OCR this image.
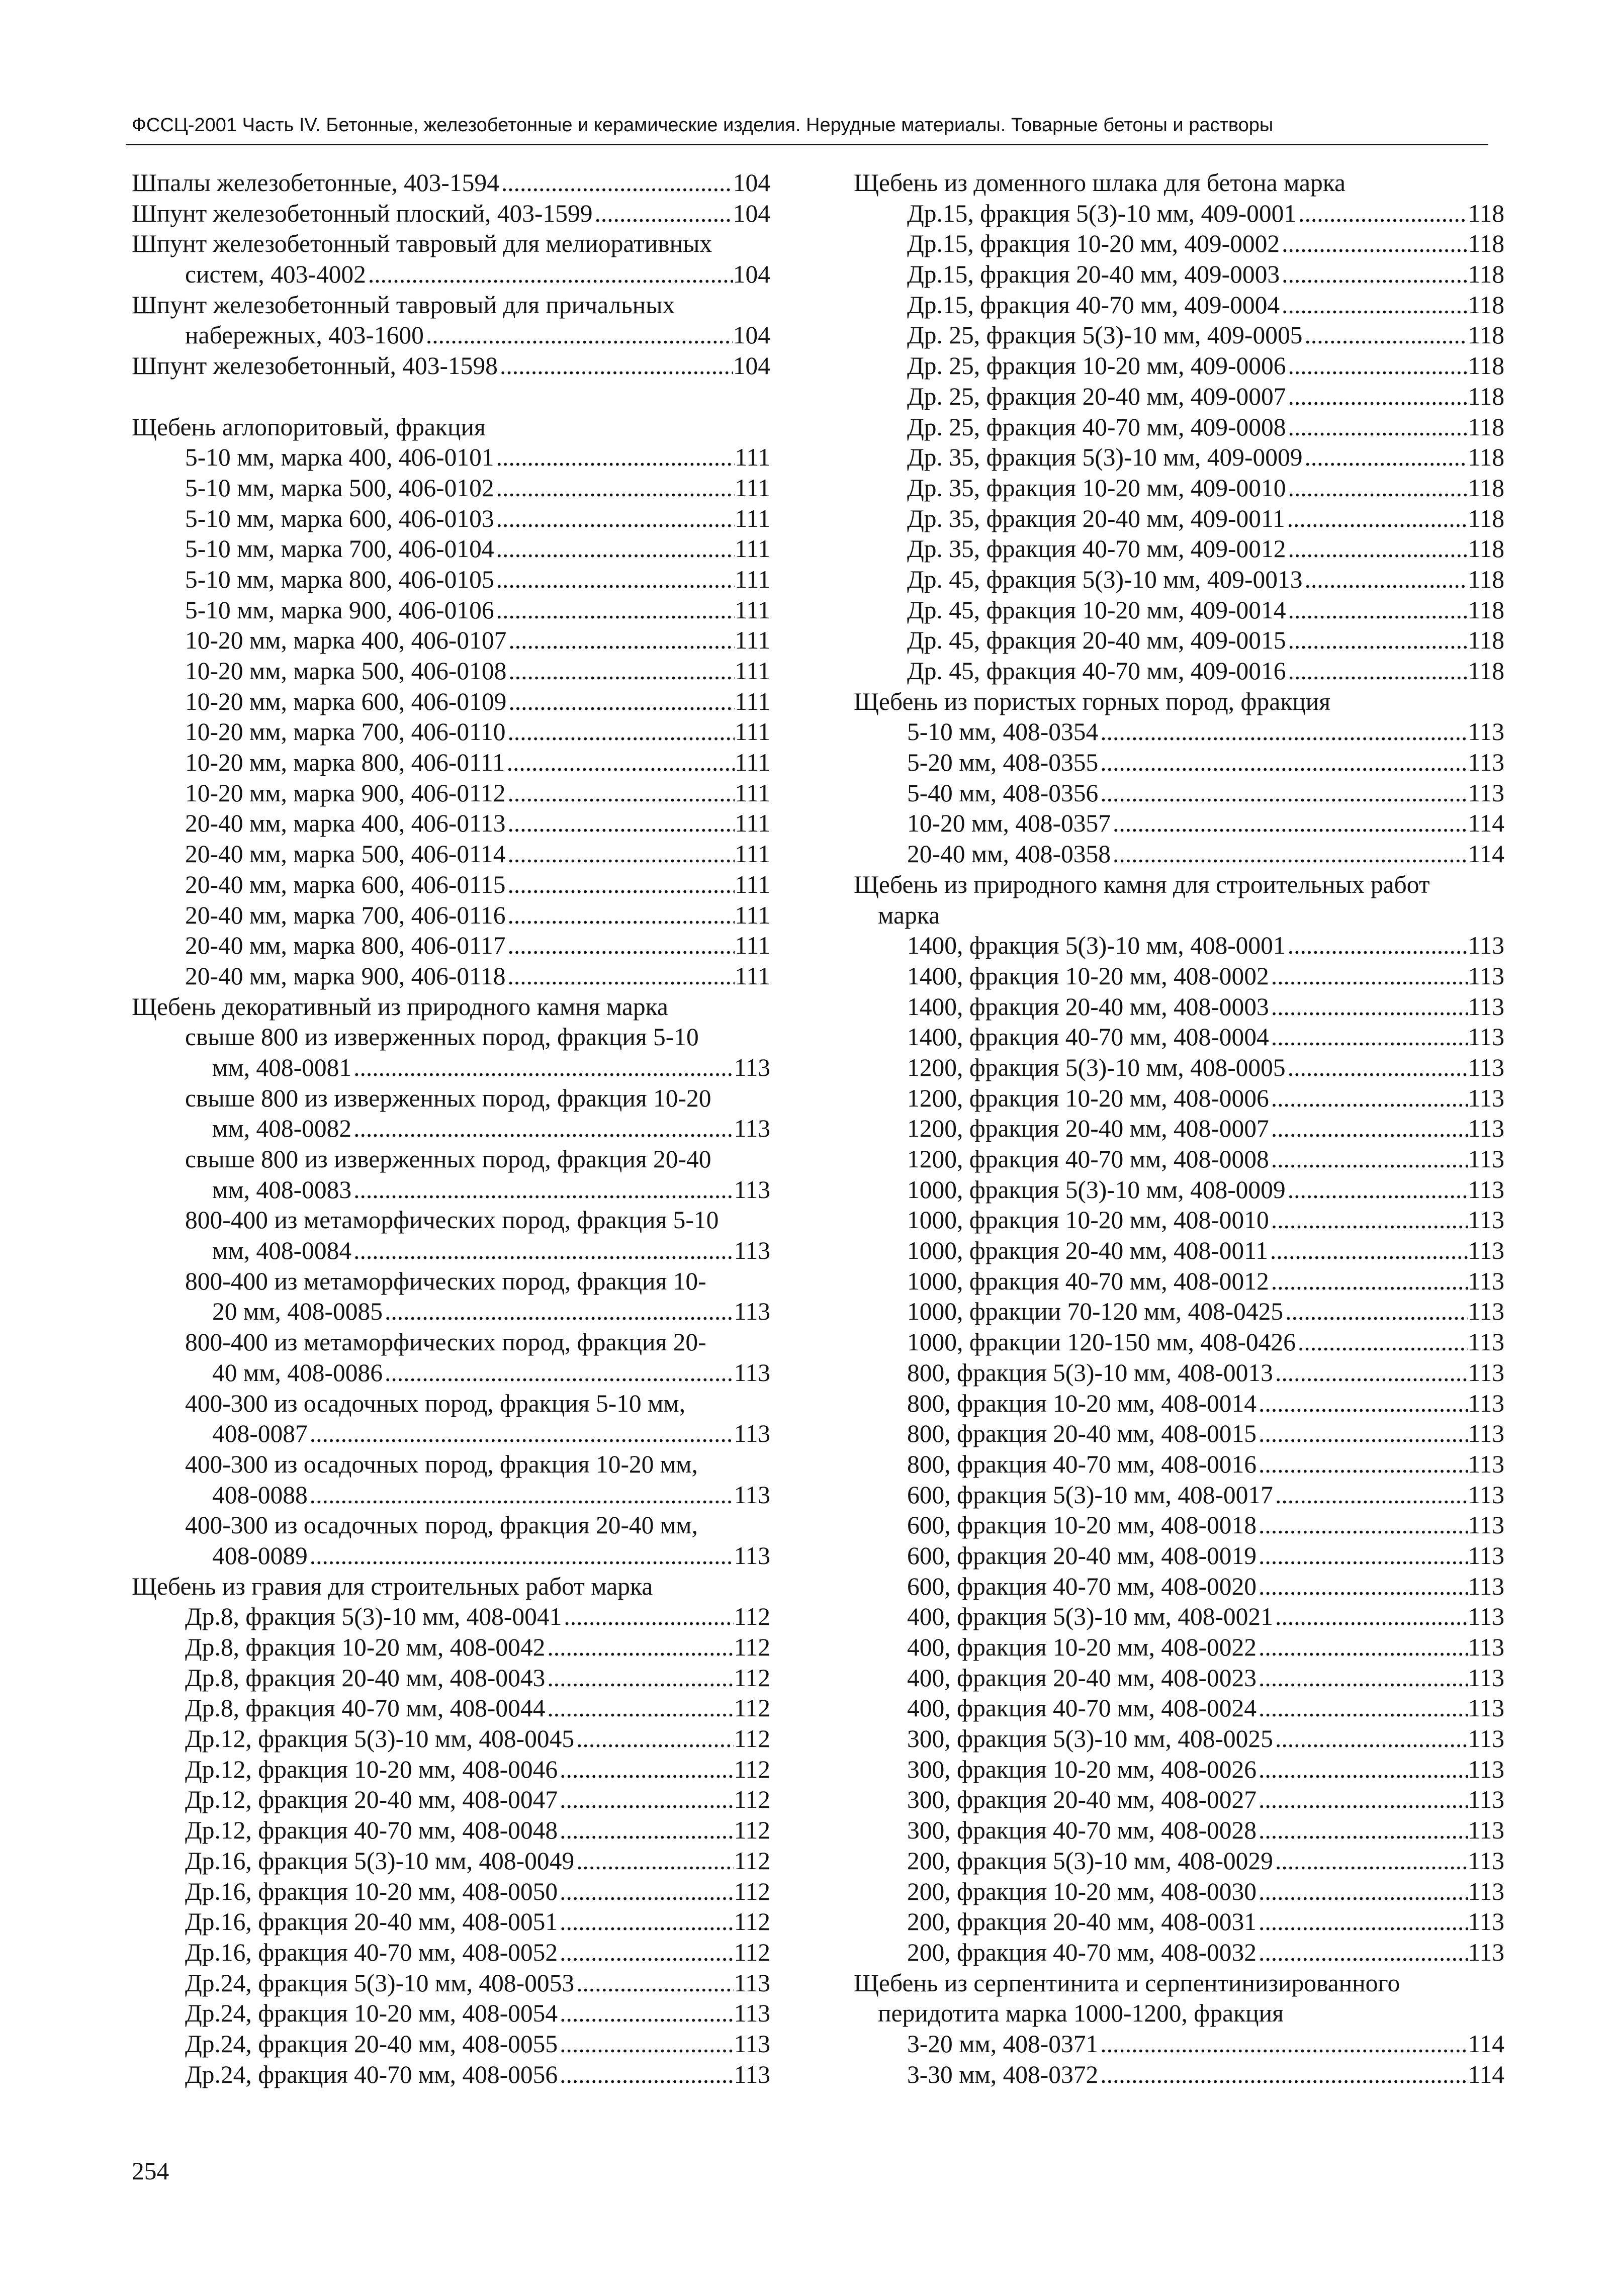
ФССЦ-2001 Часть IV. Бетонные, железобетонные и керамические изделия. Нерудные материалы. Товарные бетоны и растворы
Шпалы железобетонные, 403-1594 .....	104
Шпунт железобетонный плоский, 403-1599 .....	104
Шпунт железобетонный тавровый для мелиоративных
систем, 403-4002 .....	104
Шпунт железобетонный тавровый для причальных
набережных, 403-1600 .....	104
Шпунт железобетонный, 403-1598 .....	104
Щебень аглопоритовый, фракция
5-10 мм, марка 400, 406-0101 .....	111
5-10 мм, марка 500, 406-0102 .....	111
5-10 мм, марка 600, 406-0103 .....	111
5-10 мм, марка 700, 406-0104 .....	111
5-10 мм, марка 800, 406-0105 .....	111
5-10 мм, марка 900, 406-0106 .....	111
10-20 мм, марка 400, 406-0107 .....	111
10-20 мм, марка 500, 406-0108 .....	111
10-20 мм, марка 600, 406-0109 .....	111
10-20 мм, марка 700, 406-0110 .....	111
10-20 мм, марка 800, 406-0111 .....	111
10-20 мм, марка 900, 406-0112 .....	111
20-40 мм, марка 400, 406-0113 .....	111
20-40 мм, марка 500, 406-0114 .....	111
20-40 мм, марка 600, 406-0115 .....	111
20-40 мм, марка 700, 406-0116 .....	111
20-40 мм, марка 800, 406-0117 .....	111
20-40 мм, марка 900, 406-0118 .....	111
Щебень декоративный из природного камня марка
свыше 800 из изверженных пород, фракция 5-10
мм, 408-0081 .....	113
свыше 800 из изверженных пород, фракция 10-20
мм, 408-0082 .....	113
свыше 800 из изверженных пород, фракция 20-40
мм, 408-0083 .....	113
800-400 из метаморфических пород, фракция 5-10
мм, 408-0084 .....	113
800-400 из метаморфических пород, фракция 10-
20 мм, 408-0085 .....	113
800-400 из метаморфических пород, фракция 20-
40 мм, 408-0086 .....	113
400-300 из осадочных пород, фракция 5-10 мм,
408-0087 .....	113
400-300 из осадочных пород, фракция 10-20 мм,
408-0088 .....	113
400-300 из осадочных пород, фракция 20-40 мм,
408-0089 .....	113
Щебень из гравия для строительных работ марка
Др.8, фракция 5(3)-10 мм, 408-0041 .....	112
Др.8, фракция 10-20 мм, 408-0042 .....	112
Др.8, фракция 20-40 мм, 408-0043 .....	112
Др.8, фракция 40-70 мм, 408-0044 .....	112
Др.12, фракция 5(3)-10 мм, 408-0045 .....	112
Др.12, фракция 10-20 мм, 408-0046 .....	112
Др.12, фракция 20-40 мм, 408-0047 .....	112
Др.12, фракция 40-70 мм, 408-0048 .....	112
Др.16, фракция 5(3)-10 мм, 408-0049 .....	112
Др.16, фракция 10-20 мм, 408-0050 .....	112
Др.16, фракция 20-40 мм, 408-0051 .....	112
Др.16, фракция 40-70 мм, 408-0052 .....	112
Др.24, фракция 5(3)-10 мм, 408-0053 .....	113
Др.24, фракция 10-20 мм, 408-0054 .....	113
Др.24, фракция 20-40 мм, 408-0055 .....	113
Др.24, фракция 40-70 мм, 408-0056 .....	113
Щебень из доменного шлака для бетона марка
Др.15, фракция 5(3)-10 мм, 409-0001 .....	118
Др.15, фракция 10-20 мм, 409-0002 .....	118
Др.15, фракция 20-40 мм, 409-0003 .....	118
Др.15, фракция 40-70 мм, 409-0004 .....	118
Др. 25, фракция 5(3)-10 мм, 409-0005 .....	118
Др. 25, фракция 10-20 мм, 409-0006 .....	118
Др. 25, фракция 20-40 мм, 409-0007 .....	118
Др. 25, фракция 40-70 мм, 409-0008 .....	118
Др. 35, фракция 5(3)-10 мм, 409-0009 .....	118
Др. 35, фракция 10-20 мм, 409-0010 .....	118
Др. 35, фракция 20-40 мм, 409-0011 .....	118
Др. 35, фракция 40-70 мм, 409-0012 .....	118
Др. 45, фракция 5(3)-10 мм, 409-0013 .....	118
Др. 45, фракция 10-20 мм, 409-0014 .....	118
Др. 45, фракция 20-40 мм, 409-0015 .....	118
Др. 45, фракция 40-70 мм, 409-0016 .....	118
Щебень из пористых горных пород, фракция
5-10 мм, 408-0354 .....	113
5-20 мм, 408-0355 .....	113
5-40 мм, 408-0356 .....	113
10-20 мм, 408-0357 .....	114
20-40 мм, 408-0358 .....	114
Щебень из природного камня для строительных работ
марка
1400, фракция 5(3)-10 мм, 408-0001 .....	113
1400, фракция 10-20 мм, 408-0002 .....	113
1400, фракция 20-40 мм, 408-0003 .....	113
1400, фракция 40-70 мм, 408-0004 .....	113
1200, фракция 5(3)-10 мм, 408-0005 .....	113
1200, фракция 10-20 мм, 408-0006 .....	113
1200, фракция 20-40 мм, 408-0007 .....	113
1200, фракция 40-70 мм, 408-0008 .....	113
1000, фракция 5(3)-10 мм, 408-0009 .....	113
1000, фракция 10-20 мм, 408-0010 .....	113
1000, фракция 20-40 мм, 408-0011 .....	113
1000, фракция 40-70 мм, 408-0012 .....	113
1000, фракции 70-120 мм, 408-0425 .....	113
1000, фракции 120-150 мм, 408-0426 .....	113
800, фракция 5(3)-10 мм, 408-0013 .....	113
800, фракция 10-20 мм, 408-0014 .....	113
800, фракция 20-40 мм, 408-0015 .....	113
800, фракция 40-70 мм, 408-0016 .....	113
600, фракция 5(3)-10 мм, 408-0017 .....	113
600, фракция 10-20 мм, 408-0018 .....	113
600, фракция 20-40 мм, 408-0019 .....	113
600, фракция 40-70 мм, 408-0020 .....	113
400, фракция 5(3)-10 мм, 408-0021 .....	113
400, фракция 10-20 мм, 408-0022 .....	113
400, фракция 20-40 мм, 408-0023 .....	113
400, фракция 40-70 мм, 408-0024 .....	113
300, фракция 5(3)-10 мм, 408-0025 .....	113
300, фракция 10-20 мм, 408-0026 .....	113
300, фракция 20-40 мм, 408-0027 .....	113
300, фракция 40-70 мм, 408-0028 .....	113
200, фракция 5(3)-10 мм, 408-0029 .....	113
200, фракция 10-20 мм, 408-0030 .....	113
200, фракция 20-40 мм, 408-0031 .....	113
200, фракция 40-70 мм, 408-0032 .....	113
Щебень из серпентинита и серпентинизированного
перидотита марка 1000-1200, фракция
3-20 мм, 408-0371 .....	114
3-30 мм, 408-0372 .....	114
254
